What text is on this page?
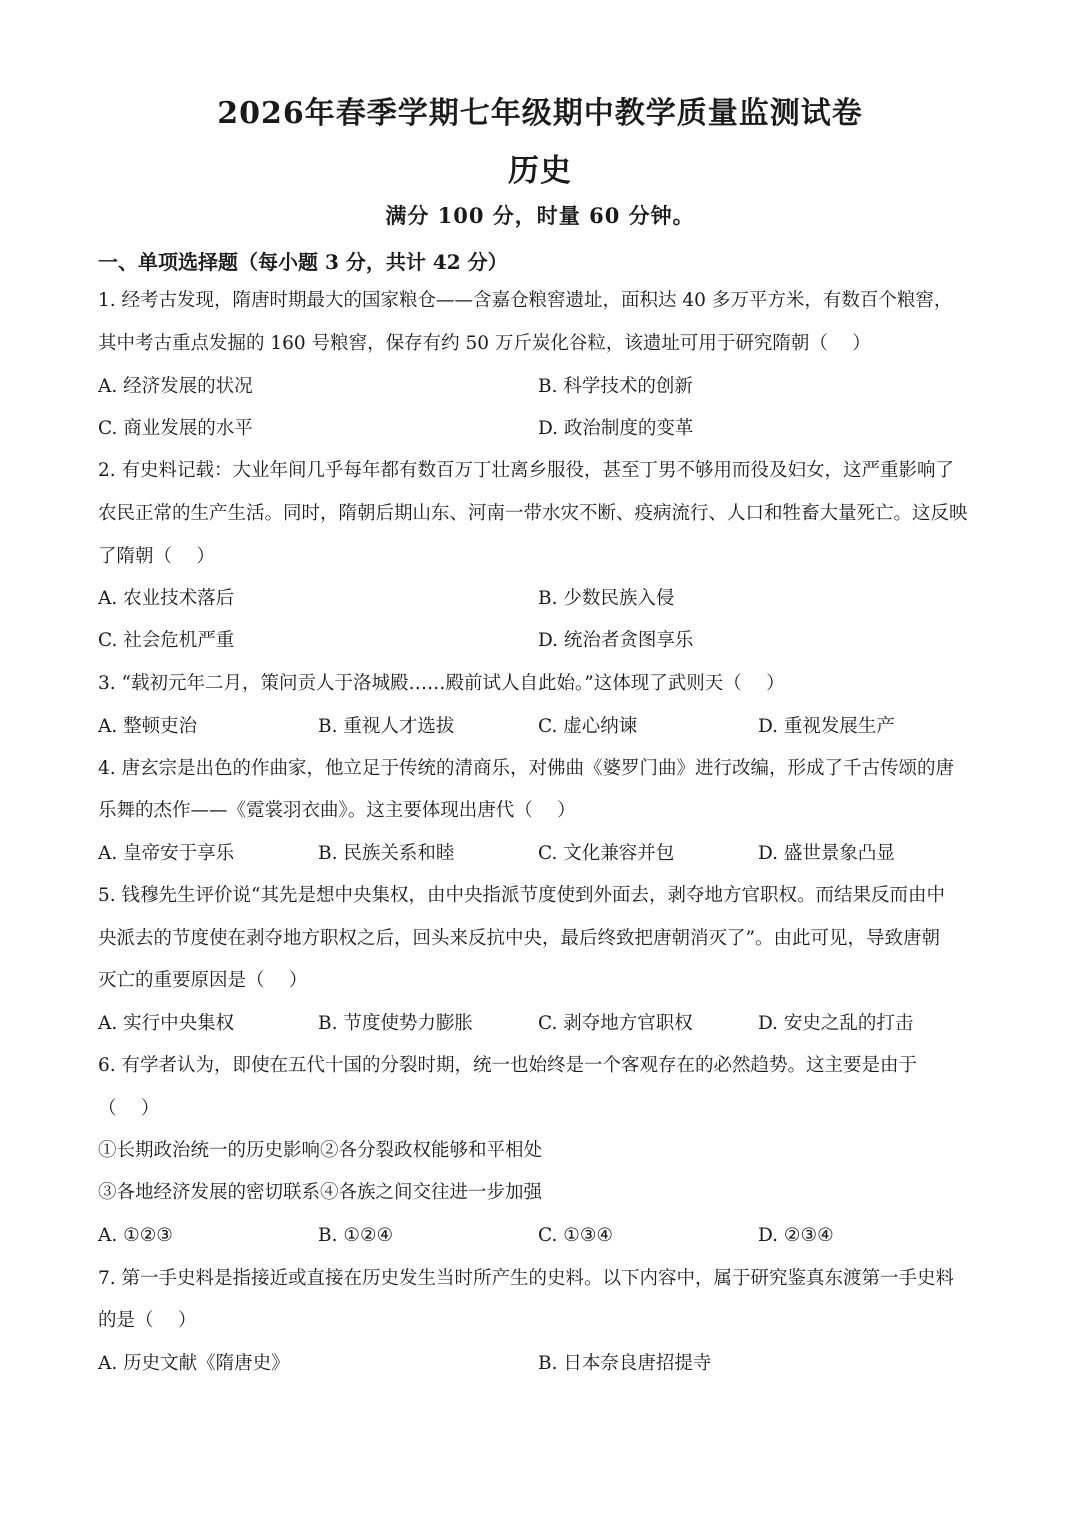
2026年春季学期七年级期中教学质量监测试卷
历史
满分 100 分，时量 60 分钟。
一、单项选择题（每小题 3 分，共计 42 分）
1. 经考古发现，隋唐时期最大的国家粮仓——含嘉仓粮窖遗址，面积达 40 多万平方米，有数百个粮窖，
其中考古重点发掘的 160 号粮窖，保存有约 50 万斤炭化谷粒，该遗址可用于研究隋朝（　 ）
A. 经济发展的状况	B. 科学技术的创新
C. 商业发展的水平	D. 政治制度的变革
2. 有史料记载：大业年间几乎每年都有数百万丁壮离乡服役，甚至丁男不够用而役及妇女，这严重影响了
农民正常的生产生活。同时，隋朝后期山东、河南一带水灾不断、疫病流行、人口和牲畜大量死亡。这反映
了隋朝（　 ）
A. 农业技术落后	B. 少数民族入侵
C. 社会危机严重	D. 统治者贪图享乐
3. “载初元年二月，策问贡人于洛城殿……殿前试人自此始。”这体现了武则天（　 ）
A. 整顿吏治	B. 重视人才选拔	C. 虚心纳谏	D. 重视发展生产
4. 唐玄宗是出色的作曲家，他立足于传统的清商乐，对佛曲《婆罗门曲》进行改编，形成了千古传颂的唐
乐舞的杰作——《霓裳羽衣曲》。这主要体现出唐代（　 ）
A. 皇帝安于享乐	B. 民族关系和睦	C. 文化兼容并包	D. 盛世景象凸显
5. 钱穆先生评价说“其先是想中央集权，由中央指派节度使到外面去，剥夺地方官职权。而结果反而由中
央派去的节度使在剥夺地方职权之后，回头来反抗中央，最后终致把唐朝消灭了”。由此可见，导致唐朝
灭亡的重要原因是（　 ）
A. 实行中央集权	B. 节度使势力膨胀	C. 剥夺地方官职权	D. 安史之乱的打击
6. 有学者认为，即使在五代十国的分裂时期，统一也始终是一个客观存在的必然趋势。这主要是由于
（　 ）
①长期政治统一的历史影响②各分裂政权能够和平相处
③各地经济发展的密切联系④各族之间交往进一步加强
A. ①②③	B. ①②④	C. ①③④	D. ②③④
7. 第一手史料是指接近或直接在历史发生当时所产生的史料。以下内容中，属于研究鉴真东渡第一手史料
的是（　 ）
A. 历史文献《隋唐史》	B. 日本奈良唐招提寺
